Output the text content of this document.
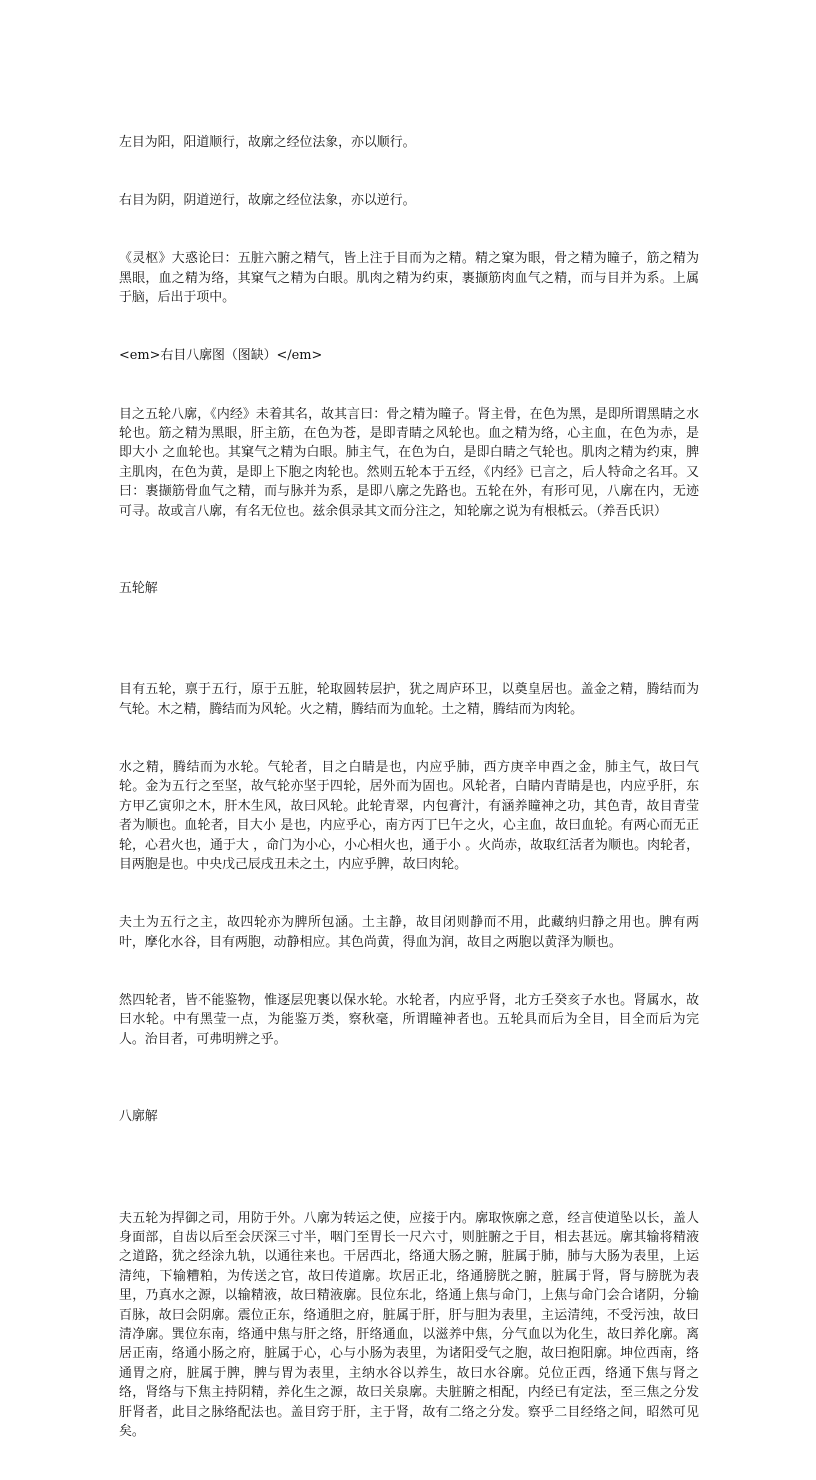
左目为阳，阳道顺行，故廓之经位法象，亦以顺行。

右目为阴，阴道逆行，故廓之经位法象，亦以逆行。

《灵枢》大惑论曰：五脏六腑之精气，皆上注于目而为之精。精之窠为眼，骨之精为瞳子，筋之精为黑眼，血之精为络，其窠气之精为白眼。肌肉之精为约束，裹撷筋肉血气之精，而与目并为系。上属于脑，后出于项中。

<em>右目八廓图（图缺）</em>

目之五轮八廓，《内经》未着其名，故其言曰：骨之精为瞳子。肾主骨，在色为黑，是即所谓黑睛之水轮也。筋之精为黑眼，肝主筋，在色为苍，是即青睛之风轮也。血之精为络，心主血，在色为赤，是即大小 之血轮也。其窠气之精为白眼。肺主气，在色为白，是即白睛之气轮也。肌肉之精为约束，脾主肌肉，在色为黄，是即上下胞之肉轮也。然则五轮本于五经，《内经》已言之，后人特命之名耳。又曰：裹撷筋骨血气之精，而与脉并为系，是即八廓之先路也。五轮在外，有形可见，八廓在内，无迹可寻。故或言八廓，有名无位也。兹余俱录其文而分注之，知轮廓之说为有根柢云。（养吾氏识）

五轮解

目有五轮，禀于五行，原于五脏，轮取圆转层护，犹之周庐环卫，以奠皇居也。盖金之精，腾结而为气轮。木之精，腾结而为风轮。火之精，腾结而为血轮。土之精，腾结而为肉轮。

水之精，腾结而为水轮。气轮者，目之白睛是也，内应乎肺，西方庚辛申酉之金，肺主气，故曰气轮。金为五行之至坚，故气轮亦坚于四轮，居外而为固也。风轮者，白睛内青睛是也，内应乎肝，东方甲乙寅卯之木，肝木生风，故曰风轮。此轮青翠，内包膏汁，有涵养瞳神之功，其色青，故目青莹者为顺也。血轮者，目大小 是也，内应乎心，南方丙丁巳午之火，心主血，故曰血轮。有两心而无正轮，心君火也，通于大 ，命门为小心，小心相火也，通于小 。火尚赤，故取红活者为顺也。肉轮者，目两胞是也。中央戊己辰戌丑未之土，内应乎脾，故曰肉轮。

夫土为五行之主，故四轮亦为脾所包涵。土主静，故目闭则静而不用，此藏纳归静之用也。脾有两叶，摩化水谷，目有两胞，动静相应。其色尚黄，得血为润，故目之两胞以黄泽为顺也。

然四轮者，皆不能鉴物，惟逐层兜裹以保水轮。水轮者，内应乎肾，北方壬癸亥子水也。肾属水，故曰水轮。中有黑莹一点，为能鉴万类，察秋毫，所谓瞳神者也。五轮具而后为全目，目全而后为完人。治目者，可弗明辨之乎。

八廓解

夫五轮为捍御之司，用防于外。八廓为转运之使，应接于内。廓取恢廓之意，经言使道坠以长，盖人身面部，自齿以后至会厌深三寸半，咽门至胃长一尺六寸，则脏腑之于目，相去甚远。廓其输将精液之道路，犹之经涂九轨，以通往来也。干居西北，络通大肠之腑，脏属于肺，肺与大肠为表里，上运清纯，下输糟粕，为传送之官，故曰传道廓。坎居正北，络通膀胱之腑，脏属于肾，肾与膀胱为表里，乃真水之源，以输精液，故曰精液廓。艮位东北，络通上焦与命门，上焦与命门会合诸阴，分输百脉，故曰会阴廓。震位正东，络通胆之府，脏属于肝，肝与胆为表里，主运清纯，不受污浊，故曰清净廓。巽位东南，络通中焦与肝之络，肝络通血，以滋养中焦，分气血以为化生，故曰养化廓。离居正南，络通小肠之府，脏属于心，心与小肠为表里，为诸阳受气之胞，故曰抱阳廓。坤位西南，络通胃之府，脏属于脾，脾与胃为表里，主纳水谷以养生，故曰水谷廓。兑位正西，络通下焦与肾之络，肾络与下焦主持阴精，养化生之源，故曰关泉廓。夫脏腑之相配，内经已有定法，至三焦之分发肝肾者，此目之脉络配法也。盖目窍于肝，主于肾，故有二络之分发。察乎二目经络之间，昭然可见矣。
